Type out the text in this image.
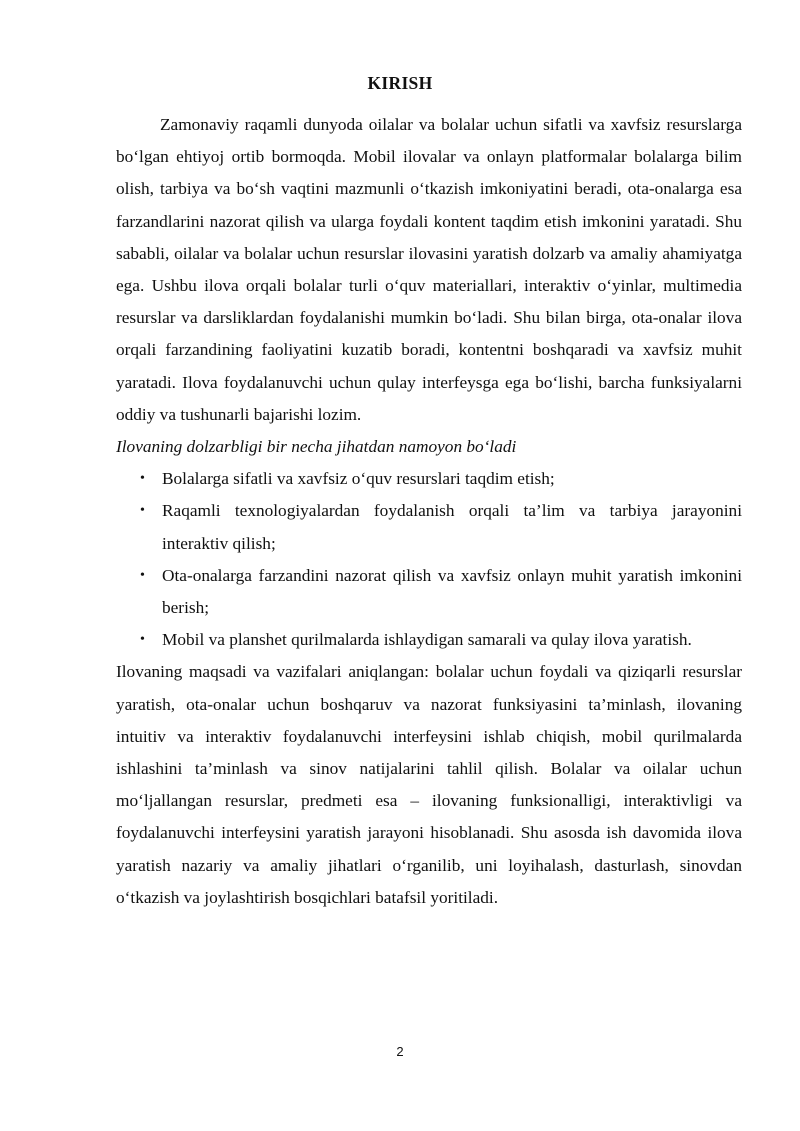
KIRISH

Zamonaviy raqamli dunyoda oilalar va bolalar uchun sifatli va xavfsiz resurslarga bo‘lgan ehtiyoj ortib bormoqda. Mobil ilovalar va onlayn platformalar bolalarga bilim olish, tarbiya va bo‘sh vaqtini mazmunli o‘tkazish imkoniyatini beradi, ota-onalarga esa farzandlarini nazorat qilish va ularga foydali kontent taqdim etish imkonini yaratadi. Shu sababli, oilalar va bolalar uchun resurslar ilovasini yaratish dolzarb va amaliy ahamiyatga ega. Ushbu ilova orqali bolalar turli o‘quv materiallari, interaktiv o‘yinlar, multimedia resurslar va darsliklardan foydalanishi mumkin bo‘ladi. Shu bilan birga, ota-onalar ilova orqali farzandining faoliyatini kuzatib boradi, kontentni boshqaradi va xavfsiz muhit yaratadi. Ilova foydalanuvchi uchun qulay interfeysga ega bo‘lishi, barcha funksiyalarni oddiy va tushunarli bajarishi lozim.

Ilovaning dolzarbligi bir necha jihatdan namoyon bo‘ladi

• Bolalarga sifatli va xavfsiz o‘quv resurslari taqdim etish;
• Raqamli texnologiyalardan foydalanish orqali ta’lim va tarbiya jarayonini interaktiv qilish;
• Ota-onalarga farzandini nazorat qilish va xavfsiz onlayn muhit yaratish imkonini berish;
• Mobil va planshet qurilmalarda ishlaydigan samarali va qulay ilova yaratish.

Ilovaning maqsadi va vazifalari aniqlangan: bolalar uchun foydali va qiziqarli resurslar yaratish, ota-onalar uchun boshqaruv va nazorat funksiyasini ta’minlash, ilovaning intuitiv va interaktiv foydalanuvchi interfeysini ishlab chiqish, mobil qurilmalarda ishlashini ta’minlash va sinov natijalarini tahlil qilish. Bolalar va oilalar uchun mo‘ljallangan resurslar, predmeti esa – ilovaning funksionalligi, interaktivligi va foydalanuvchi interfeysini yaratish jarayoni hisoblanadi. Shu asosda ish davomida ilova yaratish nazariy va amaliy jihatlari o‘rganilib, uni loyihalash, dasturlash, sinovdan o‘tkazish va joylashtirish bosqichlari batafsil yoritiladi.

2
